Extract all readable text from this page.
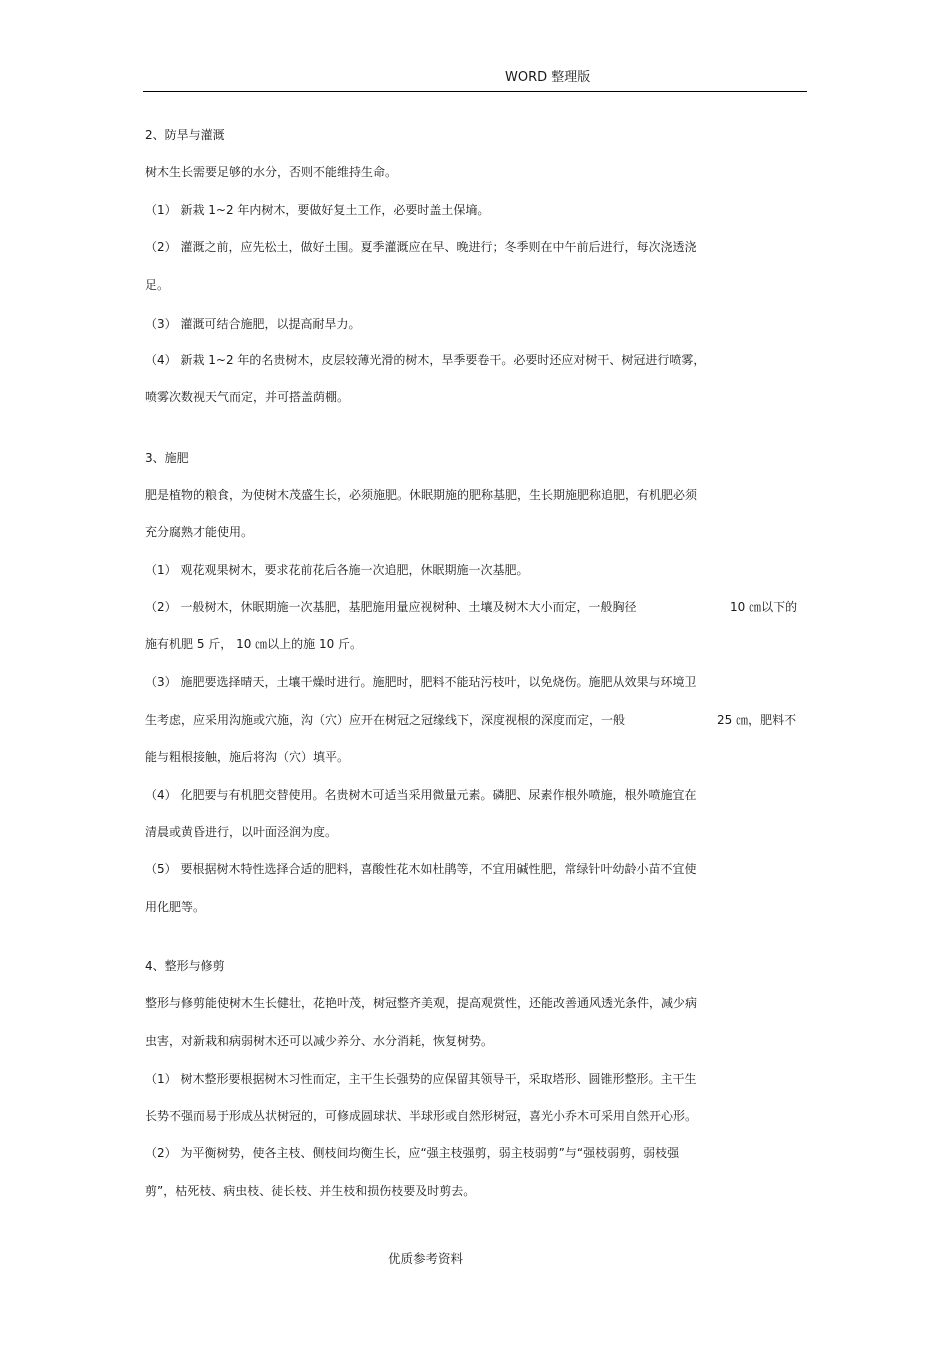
WORD 整理版
2、防旱与灌溉
树木生长需要足够的水分，否则不能维持生命。
（1） 新栽 1~2 年内树木，要做好复土工作，必要时盖土保墒。
（2） 灌溉之前，应先松土，做好土围。夏季灌溉应在早、晚进行；冬季则在中午前后进行，每次浇透浇
足。
（3） 灌溉可结合施肥，以提高耐旱力。
（4） 新栽 1~2 年的名贵树木，皮层较薄光滑的树木，旱季要卷干。必要时还应对树干、树冠进行喷雾，
喷雾次数视天气而定，并可搭盖荫棚。
3、施肥
肥是植物的粮食，为使树木茂盛生长，必须施肥。休眠期施的肥称基肥，生长期施肥称追肥，有机肥必须
充分腐熟才能使用。
（1） 观花观果树木，要求花前花后各施一次追肥，休眠期施一次基肥。
（2） 一般树木，休眠期施一次基肥，基肥施用量应视树种、土壤及树木大小而定，一般胸径	10 ㎝以下的
施有机肥 5 斤， 10 ㎝以上的施 10 斤。
（3） 施肥要选择晴天，土壤干燥时进行。施肥时，肥料不能玷污枝叶，以免烧伤。施肥从效果与环境卫
生考虑，应采用沟施或穴施，沟（穴）应开在树冠之冠缘线下，深度视根的深度而定，一般	25 ㎝，肥料不
能与粗根接触，施后将沟（穴）填平。
（4） 化肥要与有机肥交替使用。名贵树木可适当采用微量元素。磷肥、尿素作根外喷施，根外喷施宜在
清晨或黄昏进行，以叶面泾润为度。
（5） 要根据树木特性选择合适的肥料，喜酸性花木如杜鹃等，不宜用碱性肥，常绿针叶幼龄小苗不宜使
用化肥等。
4、整形与修剪
整形与修剪能使树木生长健壮，花艳叶茂，树冠整齐美观，提高观赏性，还能改善通风透光条件，减少病
虫害，对新栽和病弱树木还可以减少养分、水分消耗，恢复树势。
（1） 树木整形要根据树木习性而定，主干生长强势的应保留其领导干，采取塔形、圆锥形整形。主干生
长势不强而易于形成丛状树冠的，可修成圆球状、半球形或自然形树冠，喜光小乔木可采用自然开心形。
（2） 为平衡树势，使各主枝、侧枝间均衡生长，应“强主枝强剪，弱主枝弱剪”与“强枝弱剪，弱枝强
剪”，枯死枝、病虫枝、徒长枝、并生枝和损伤枝要及时剪去。
优质参考资料
